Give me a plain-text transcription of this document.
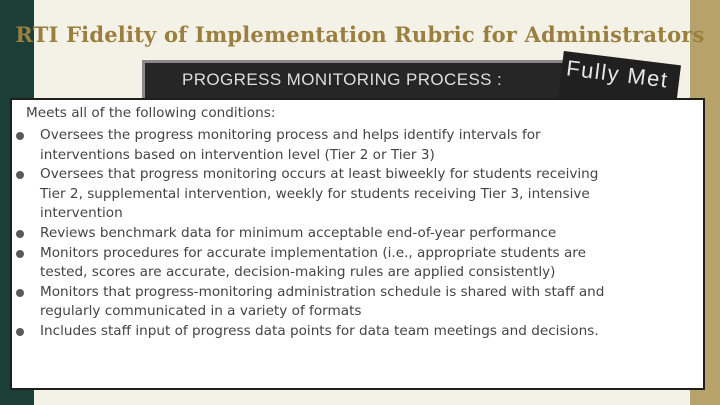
RTI Fidelity of Implementation Rubric for Administrators
PROGRESS MONITORING PROCESS :	Fully Met
Meets all of the following conditions:
Oversees the progress monitoring process and helps identify intervals for
interventions based on intervention level (Tier 2 or Tier 3)
Oversees that progress monitoring occurs at least biweekly for students receiving
Tier 2, supplemental intervention, weekly for students receiving Tier 3, intensive
intervention
Reviews benchmark data for minimum acceptable end-of-year performance
Monitors procedures for accurate implementation (i.e., appropriate students are
tested, scores are accurate, decision-making rules are applied consistently)
Monitors that progress-monitoring administration schedule is shared with staff and
regularly communicated in a variety of formats
Includes staff input of progress data points for data team meetings and decisions.
